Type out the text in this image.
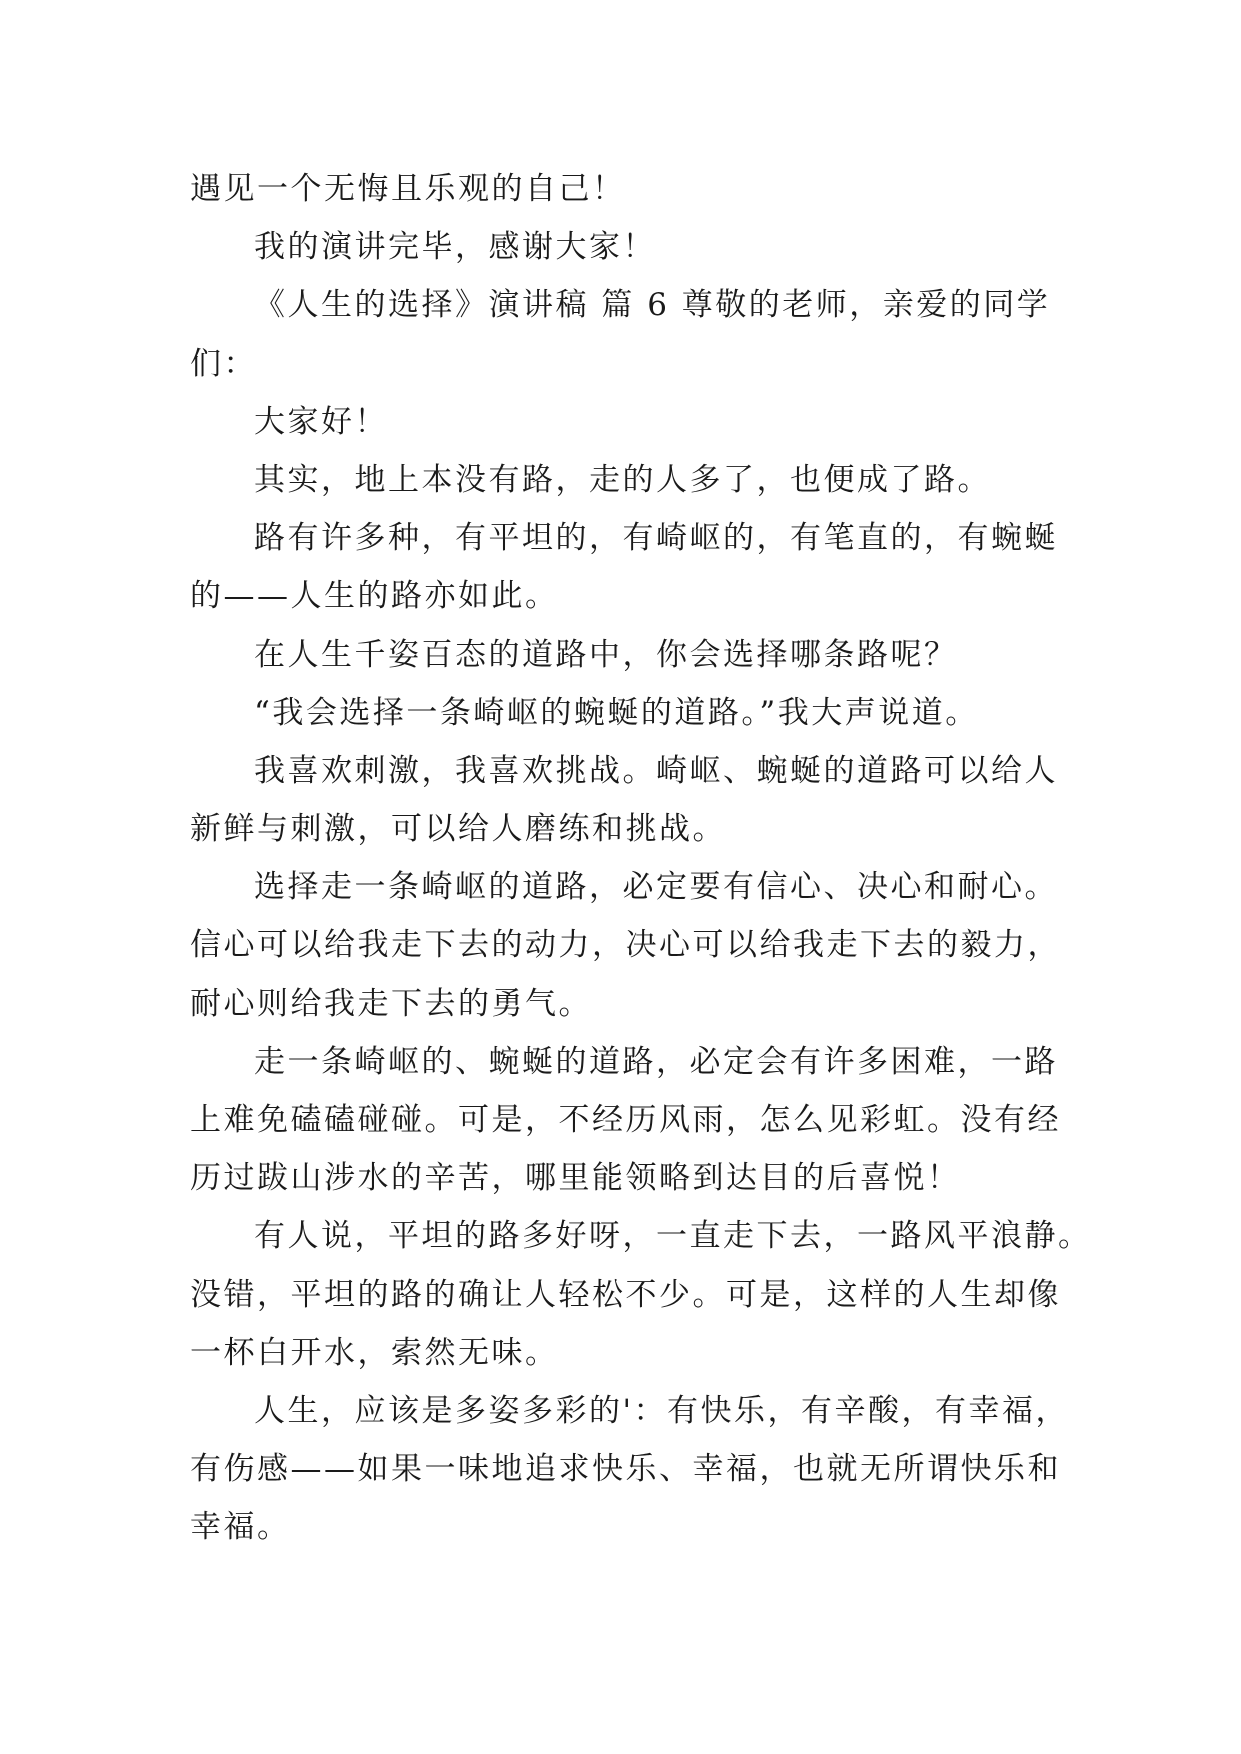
遇见一个无悔且乐观的自己！
我的演讲完毕，感谢大家！
《人生的选择》演讲稿 篇 6 尊敬的老师，亲爱的同学
们：
大家好！
其实，地上本没有路，走的人多了，也便成了路。
路有许多种，有平坦的，有崎岖的，有笔直的，有蜿蜒
的——人生的路亦如此。
在人生千姿百态的道路中，你会选择哪条路呢？
“我会选择一条崎岖的蜿蜒的道路。”我大声说道。
我喜欢刺激，我喜欢挑战。崎岖、蜿蜒的道路可以给人
新鲜与刺激，可以给人磨练和挑战。
选择走一条崎岖的道路，必定要有信心、决心和耐心。
信心可以给我走下去的动力，决心可以给我走下去的毅力，
耐心则给我走下去的勇气。
走一条崎岖的、蜿蜒的道路，必定会有许多困难，一路
上难免磕磕碰碰。可是，不经历风雨，怎么见彩虹。没有经
历过跋山涉水的辛苦，哪里能领略到达目的后喜悦！
有人说，平坦的路多好呀，一直走下去，一路风平浪静。
没错，平坦的路的确让人轻松不少。可是，这样的人生却像
一杯白开水，索然无味。
人生，应该是多姿多彩的'：有快乐，有辛酸，有幸福，
有伤感——如果一味地追求快乐、幸福，也就无所谓快乐和
幸福。
